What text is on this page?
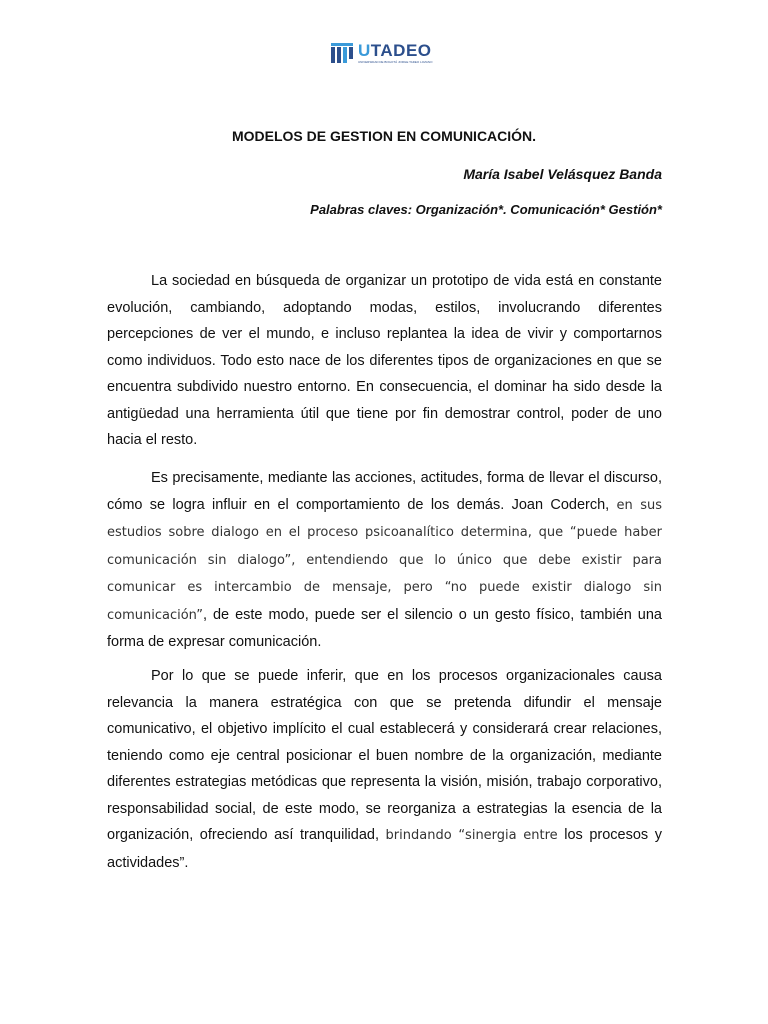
UTADEO
UNIVERSIDAD DE BOGOTÁ JORGE TADEO LOZANO
MODELOS DE GESTION EN COMUNICACIÓN.
María Isabel Velásquez Banda
Palabras claves: Organización*. Comunicación* Gestión*

La sociedad en búsqueda de organizar un prototipo de vida está en constante evolución, cambiando, adoptando modas, estilos, involucrando diferentes percepciones de ver el mundo, e incluso replantea la idea de vivir y comportarnos como individuos. Todo esto nace de los diferentes tipos de organizaciones en que se encuentra subdivido nuestro entorno. En consecuencia, el dominar ha sido desde la antigüedad una herramienta útil que tiene por fin demostrar control, poder de uno hacia el resto.

Es precisamente, mediante las acciones, actitudes, forma de llevar el discurso, cómo se logra influir en el comportamiento de los demás. Joan Coderch, en sus estudios sobre dialogo en el proceso psicoanalítico determina, que “puede haber comunicación sin dialogo”, entendiendo que lo único que debe existir para comunicar es intercambio de mensaje, pero “no puede existir dialogo sin comunicación”, de este modo, puede ser el silencio o un gesto físico, también una forma de expresar comunicación.

Por lo que se puede inferir, que en los procesos organizacionales causa relevancia la manera estratégica con que se pretenda difundir el mensaje comunicativo, el objetivo implícito el cual establecerá y considerará crear relaciones, teniendo como eje central posicionar el buen nombre de la organización, mediante diferentes estrategias metódicas que representa la visión, misión, trabajo corporativo, responsabilidad social, de este modo, se reorganiza a estrategias la esencia de la organización, ofreciendo así tranquilidad, brindando “sinergia entre los procesos y actividades”.
